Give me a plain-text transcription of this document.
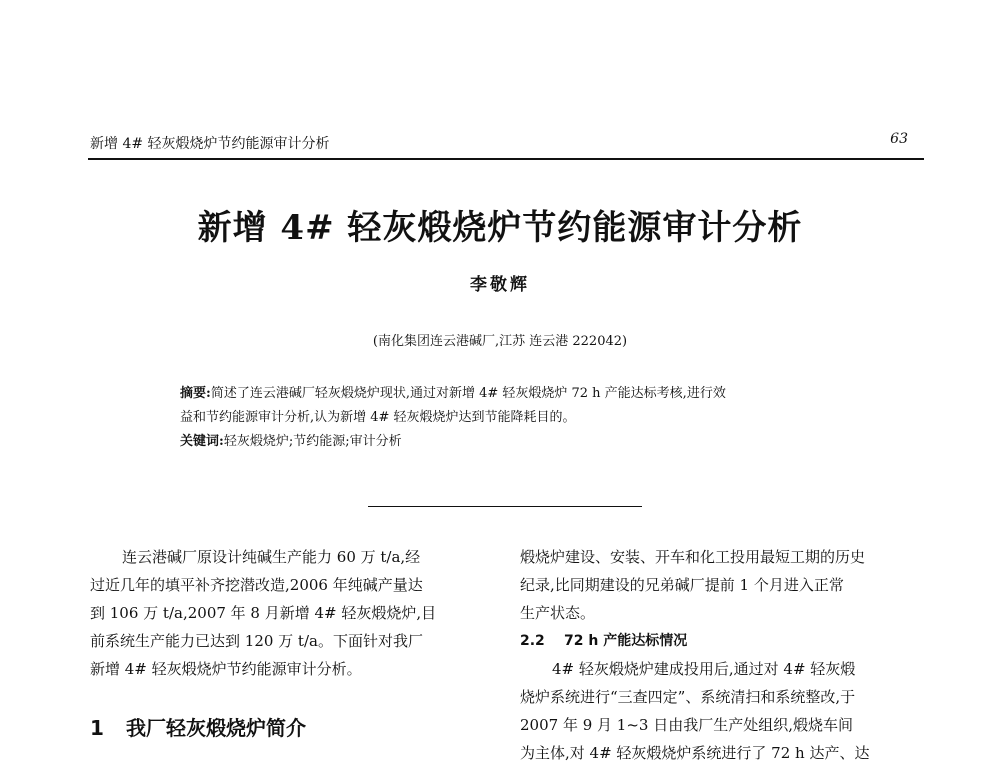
新增 4# 轻灰煅烧炉节约能源审计分析	63
新增 4# 轻灰煅烧炉节约能源审计分析
李敬辉
(南化集团连云港碱厂,江苏 连云港 222042)
摘要:简述了连云港碱厂轻灰煅烧炉现状,通过对新增 4# 轻灰煅烧炉 72 h 产能达标考核,进行效
益和节约能源审计分析,认为新增 4# 轻灰煅烧炉达到节能降耗目的。
关键词:轻灰煅烧炉;节约能源;审计分析
连云港碱厂原设计纯碱生产能力 60 万 t/a,经
过近几年的填平补齐挖潜改造,2006 年纯碱产量达
到 106 万 t/a,2007 年 8 月新增 4# 轻灰煅烧炉,目
前系统生产能力已达到 120 万 t/a。下面针对我厂
新增 4# 轻灰煅烧炉节约能源审计分析。
1 我厂轻灰煅烧炉简介
煅烧炉建设、安装、开车和化工投用最短工期的历史
纪录,比同期建设的兄弟碱厂提前 1 个月进入正常
生产状态。
2.2 72 h 产能达标情况
4# 轻灰煅烧炉建成投用后,通过对 4# 轻灰煅
烧炉系统进行“三查四定”、系统清扫和系统整改,于
2007 年 9 月 1~3 日由我厂生产处组织,煅烧车间
为主体,对 4# 轻灰煅烧炉系统进行了 72 h 达产、达
